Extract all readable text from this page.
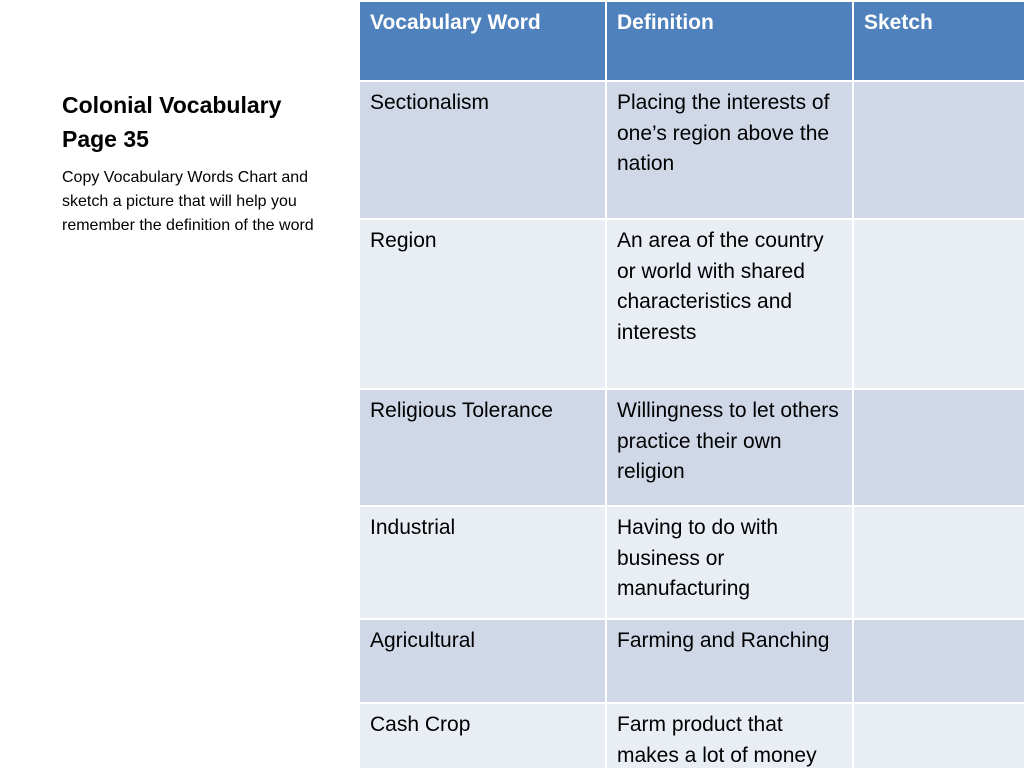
Colonial Vocabulary
Page 35
Copy Vocabulary Words Chart and
sketch a picture that will help you
remember the definition of the word
Vocabulary Word	Definition	Sketch
Sectionalism	Placing the interests of one’s region above the nation	
Region	An area of the country or world with shared characteristics and interests	
Religious Tolerance	Willingness to let others practice their own religion	
Industrial	Having to do with business or manufacturing	
Agricultural	Farming and Ranching	
Cash Crop	Farm product that makes a lot of money	
